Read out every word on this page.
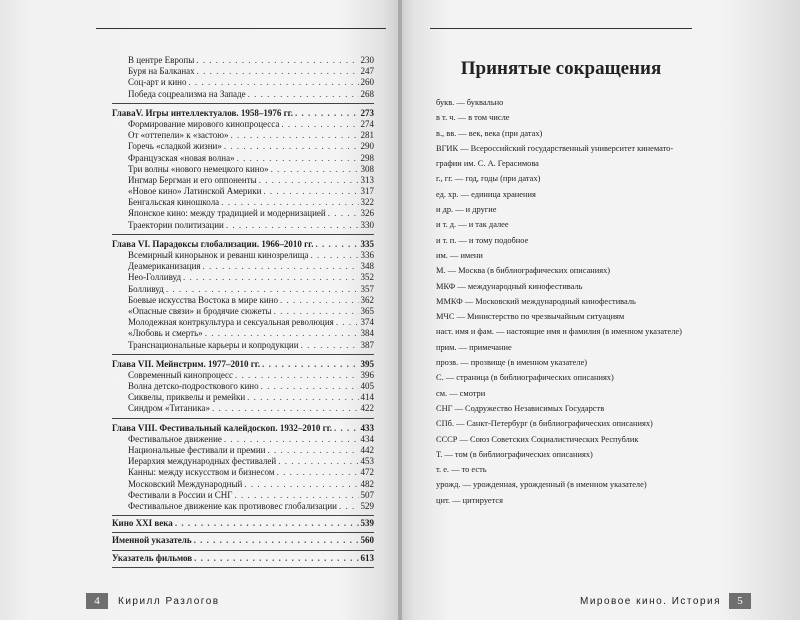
В центре Европы . . .	230
Буря на Балканах . . .	247
Соц-арт и кино . . .	260
Победа соцреализма на Западе . . .	268
ГлаваV. Игры интеллектуалов. 1958–1976 гг. . . .	273
Формирование мирового кинопроцесса . . .	274
От «оттепели» к «застою» . . .	281
Горечь «сладкой жизни» . . .	290
Французская «новая волна» . . .	298
Три волны «нового немецкого кино» . . .	308
Ингмар Бергман и его оппоненты . . .	313
«Новое кино» Латинской Америки . . .	317
Бенгальская киношкола . . .	322
Японское кино: между традицией и модернизацией . . .	326
Траектории политизации . . .	330
Глава VI. Парадоксы глобализации. 1966–2010 гг. . . .	335
Всемирный кинорынок и реванш кинозрелища . . .	336
Деамериканизация . . .	348
Нео-Голливуд . . .	352
Болливуд . . .	357
Боевые искусства Востока в мире кино . . .	362
«Опасные связи» и бродячие сюжеты . . .	365
Молодежная контркультура и сексуальная революция . . .	374
«Любовь и смерть» . . .	384
Транснациональные карьеры и копродукции . . .	387
Глава VII. Мейнстрим. 1977–2010 гг. . . .	395
Современный кинопроцесс . . .	396
Волна детско-подросткового кино . . .	405
Сиквелы, приквелы и ремейки . . .	414
Синдром «Титаника» . . .	422
Глава VIII. Фестивальный калейдоскоп. 1932–2010 гг. . . .	433
Фестивальное движение . . .	434
Национальные фестивали и премии . . .	442
Иерархия международных фестивалей . . .	453
Канны: между искусством и бизнесом . . .	472
Московский Международный . . .	482
Фестивали в России и СНГ . . .	507
Фестивальное движение как противовес глобализации . . .	529
Кино XXI века . . .	539
Именной указатель . . .	560
Указатель фильмов . . .	613
4	Кирилл Разлогов
Принятые сокращения
букв. — буквально
в т. ч. — в том числе
в., вв. — век, века (при датах)
ВГИК — Всероссийский государственный университет кинемато- графии им. С. А. Герасимова
г., гг. — год, годы (при датах)
ед. хр. — единица хранения
и др. — и другие
и т. д. — и так далее
и т. п. — и тому подобное
им. — имени
М. — Москва (в библиографических описаниях)
МКФ — международный кинофестиваль
ММКФ — Московский международный кинофестиваль
МЧС — Министерство по чрезвычайным ситуациям
наст. имя и фам. — настоящие имя и фамилия (в именном указателе)
прим. — примечание
прозв. — прозвище (в именном указателе)
С. — страница (в библиографических описаниях)
см. — смотри
СНГ — Содружество Независимых Государств
СПб. — Санкт-Петербург (в библиографических описаниях)
СССР — Союз Советских Социалистических Республик
Т. — том (в библиографических описаниях)
т. е. — то есть
урожд. — урожденная, урожденный (в именном указателе)
цит. — цитируется
Мировое кино. История	5
